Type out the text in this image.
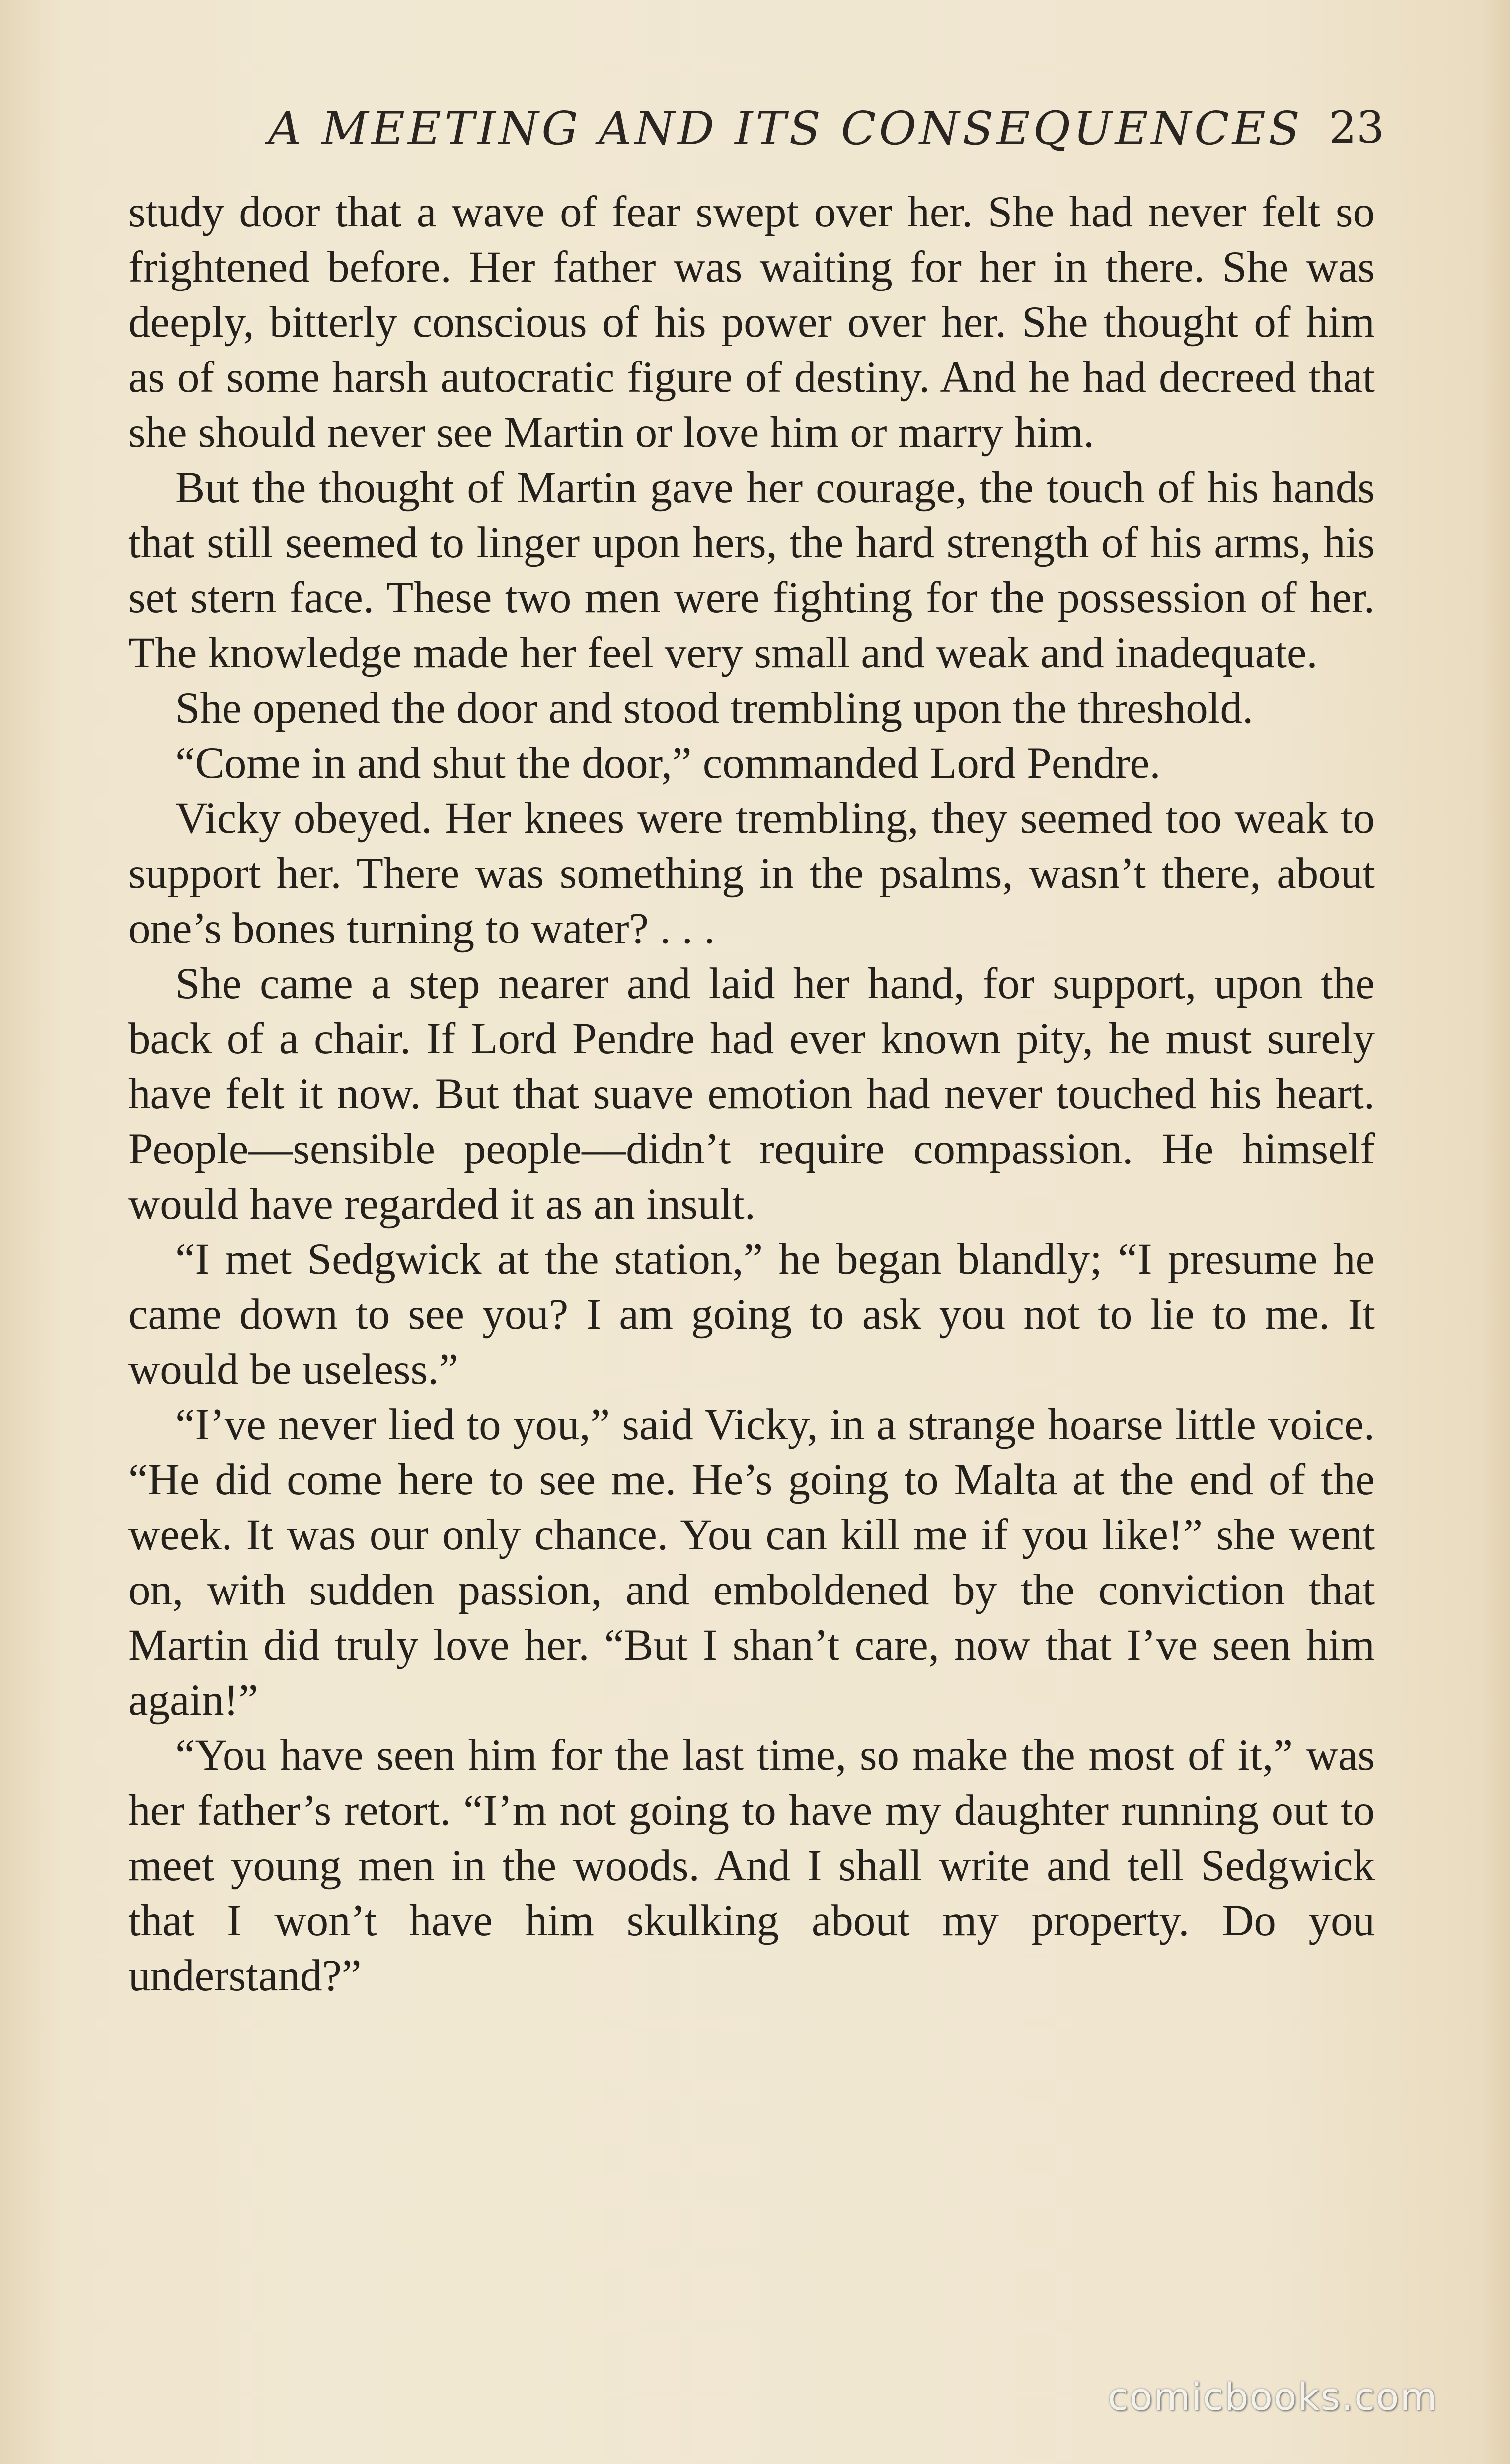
A MEETING AND ITS CONSEQUENCES 23

study door that a wave of fear swept over her. She had never felt so frightened before. Her father was waiting for her in there. She was deeply, bitterly conscious of his power over her. She thought of him as of some harsh autocratic figure of destiny. And he had decreed that she should never see Martin or love him or marry him.

But the thought of Martin gave her courage, the touch of his hands that still seemed to linger upon hers, the hard strength of his arms, his set stern face. These two men were fighting for the possession of her. The knowledge made her feel very small and weak and inadequate.

She opened the door and stood trembling upon the threshold.

“Come in and shut the door,” commanded Lord Pendre.

Vicky obeyed. Her knees were trembling, they seemed too weak to support her. There was something in the psalms, wasn’t there, about one’s bones turning to water? . . .

She came a step nearer and laid her hand, for support, upon the back of a chair. If Lord Pendre had ever known pity, he must surely have felt it now. But that suave emotion had never touched his heart. People—sensible people—didn’t require compassion. He himself would have regarded it as an insult.

“I met Sedgwick at the station,” he began blandly; “I presume he came down to see you? I am going to ask you not to lie to me. It would be useless.”

“I’ve never lied to you,” said Vicky, in a strange hoarse little voice. “He did come here to see me. He’s going to Malta at the end of the week. It was our only chance. You can kill me if you like!” she went on, with sudden passion, and emboldened by the conviction that Martin did truly love her. “But I shan’t care, now that I’ve seen him again!”

“You have seen him for the last time, so make the most of it,” was her father’s retort. “I’m not going to have my daughter running out to meet young men in the woods. And I shall write and tell Sedgwick that I won’t have him skulking about my property. Do you understand?”

comicbooks.com
